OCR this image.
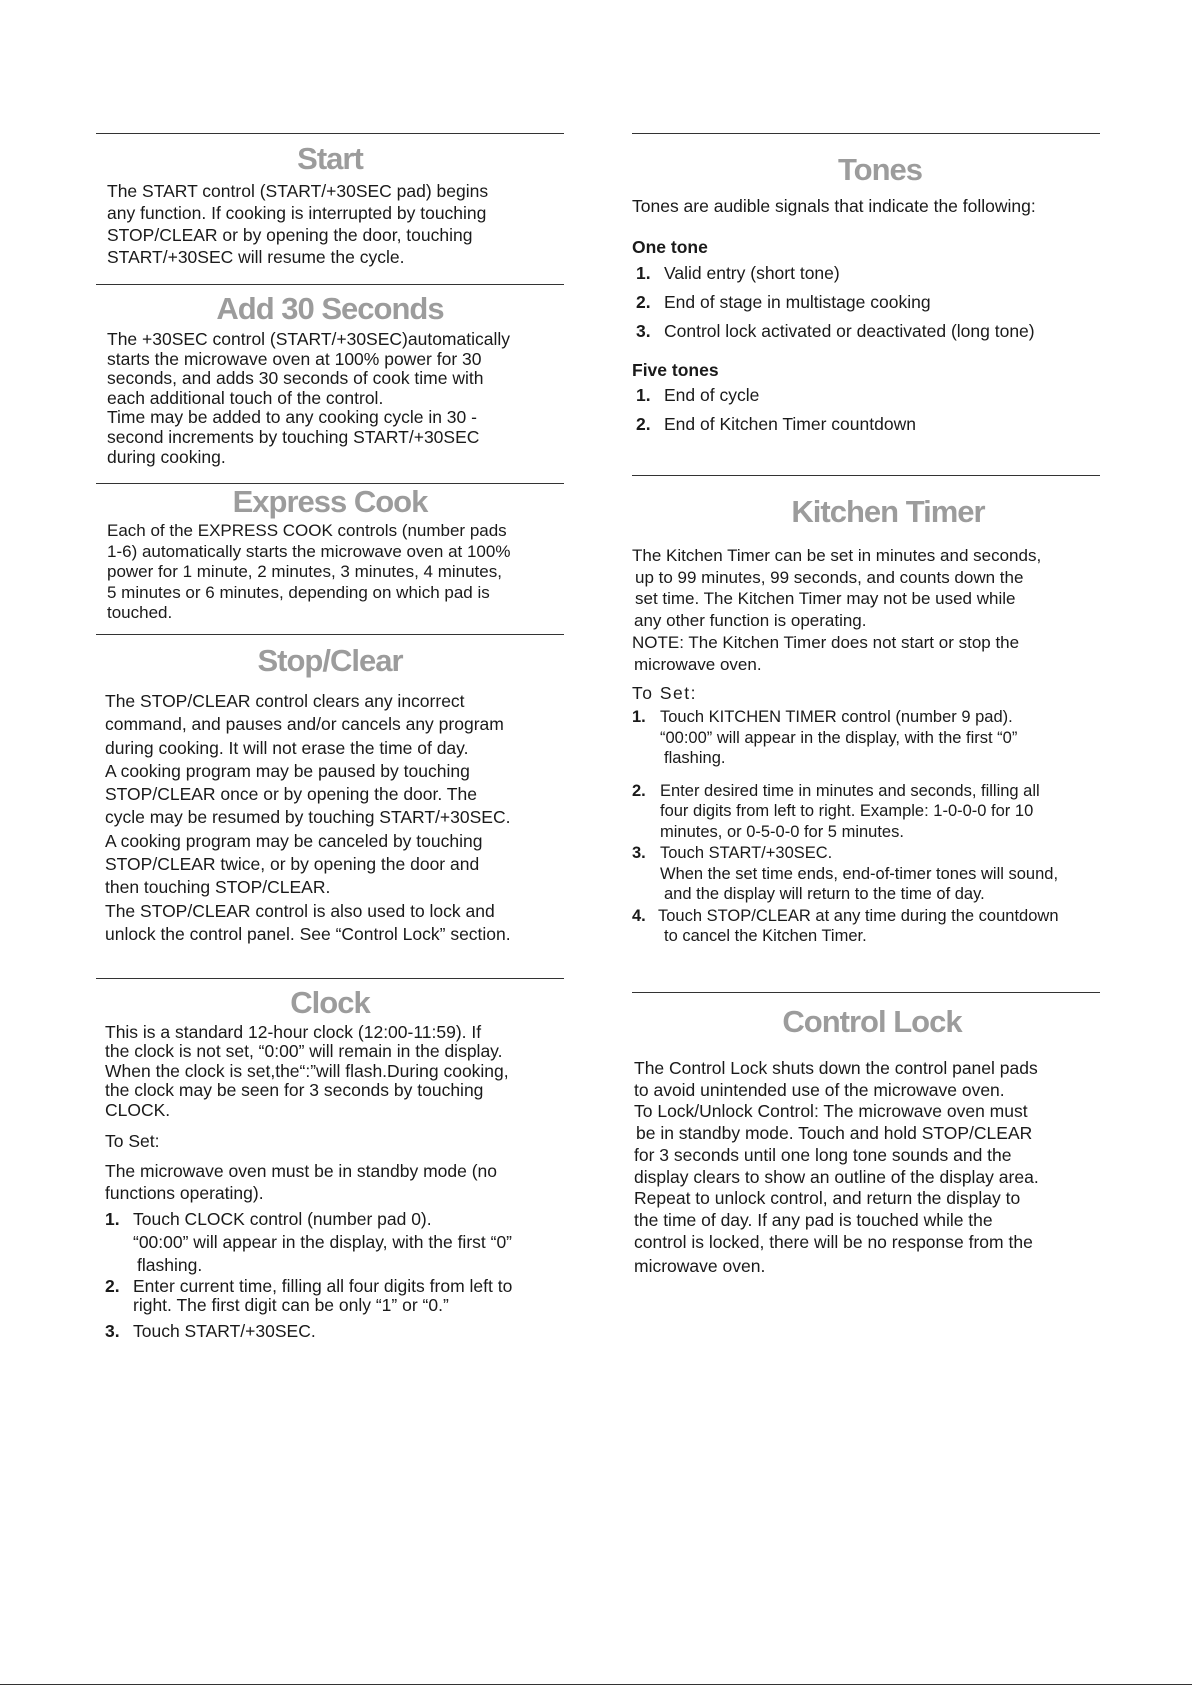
Start
The START control (START/+30SEC pad) begins
any function. If cooking is interrupted by touching
STOP/CLEAR or by opening the door, touching
START/+30SEC will resume the cycle.
Add 30 Seconds
The +30SEC control (START/+30SEC)automatically
starts the microwave oven at 100% power for 30
seconds, and adds 30 seconds of cook time with
each additional touch of the control.
Time may be added to any cooking cycle in 30 -
second increments by touching START/+30SEC
during cooking.
Express Cook
Each of the EXPRESS COOK controls (number pads
1-6) automatically starts the microwave oven at 100%
power for 1 minute, 2 minutes, 3 minutes, 4 minutes,
5 minutes or 6 minutes, depending on which pad is
touched.
Stop/Clear
The STOP/CLEAR control clears any incorrect
command, and pauses and/or cancels any program
during cooking. It will not erase the time of day.
A cooking program may be paused by touching
STOP/CLEAR once or by opening the door. The
cycle may be resumed by touching START/+30SEC.
A cooking program may be canceled by touching
STOP/CLEAR twice, or by opening the door and
then touching STOP/CLEAR.
The STOP/CLEAR control is also used to lock and
unlock the control panel. See “Control Lock” section.
Clock
This is a standard 12-hour clock (12:00-11:59). If
the clock is not set, “0:00” will remain in the display.
When the clock is set,the“:”will flash.During cooking,
the clock may be seen for 3 seconds by touching
CLOCK.
To Set:
The microwave oven must be in standby mode (no
functions operating).
1. Touch CLOCK control (number pad 0).
“00:00” will appear in the display, with the first “0”
flashing.
2. Enter current time, filling all four digits from left to
right. The first digit can be only “1” or “0.”
3. Touch START/+30SEC.
Tones
Tones are audible signals that indicate the following:
One tone
1. Valid entry (short tone)
2. End of stage in multistage cooking
3. Control lock activated or deactivated (long tone)
Five tones
1. End of cycle
2. End of Kitchen Timer countdown
Kitchen Timer
The Kitchen Timer can be set in minutes and seconds,
up to 99 minutes, 99 seconds, and counts down the
set time. The Kitchen Timer may not be used while
any other function is operating.
NOTE: The Kitchen Timer does not start or stop the
microwave oven.
To Set:
1. Touch KITCHEN TIMER control (number 9 pad).
“00:00” will appear in the display, with the first “0”
flashing.
2. Enter desired time in minutes and seconds, filling all
four digits from left to right. Example: 1-0-0-0 for 10
minutes, or 0-5-0-0 for 5 minutes.
3. Touch START/+30SEC.
When the set time ends, end-of-timer tones will sound,
and the display will return to the time of day.
4. Touch STOP/CLEAR at any time during the countdown
to cancel the Kitchen Timer.
Control Lock
The Control Lock shuts down the control panel pads
to avoid unintended use of the microwave oven.
To Lock/Unlock Control: The microwave oven must
be in standby mode. Touch and hold STOP/CLEAR
for 3 seconds until one long tone sounds and the
display clears to show an outline of the display area.
Repeat to unlock control, and return the display to
the time of day. If any pad is touched while the
control is locked, there will be no response from the
microwave oven.
